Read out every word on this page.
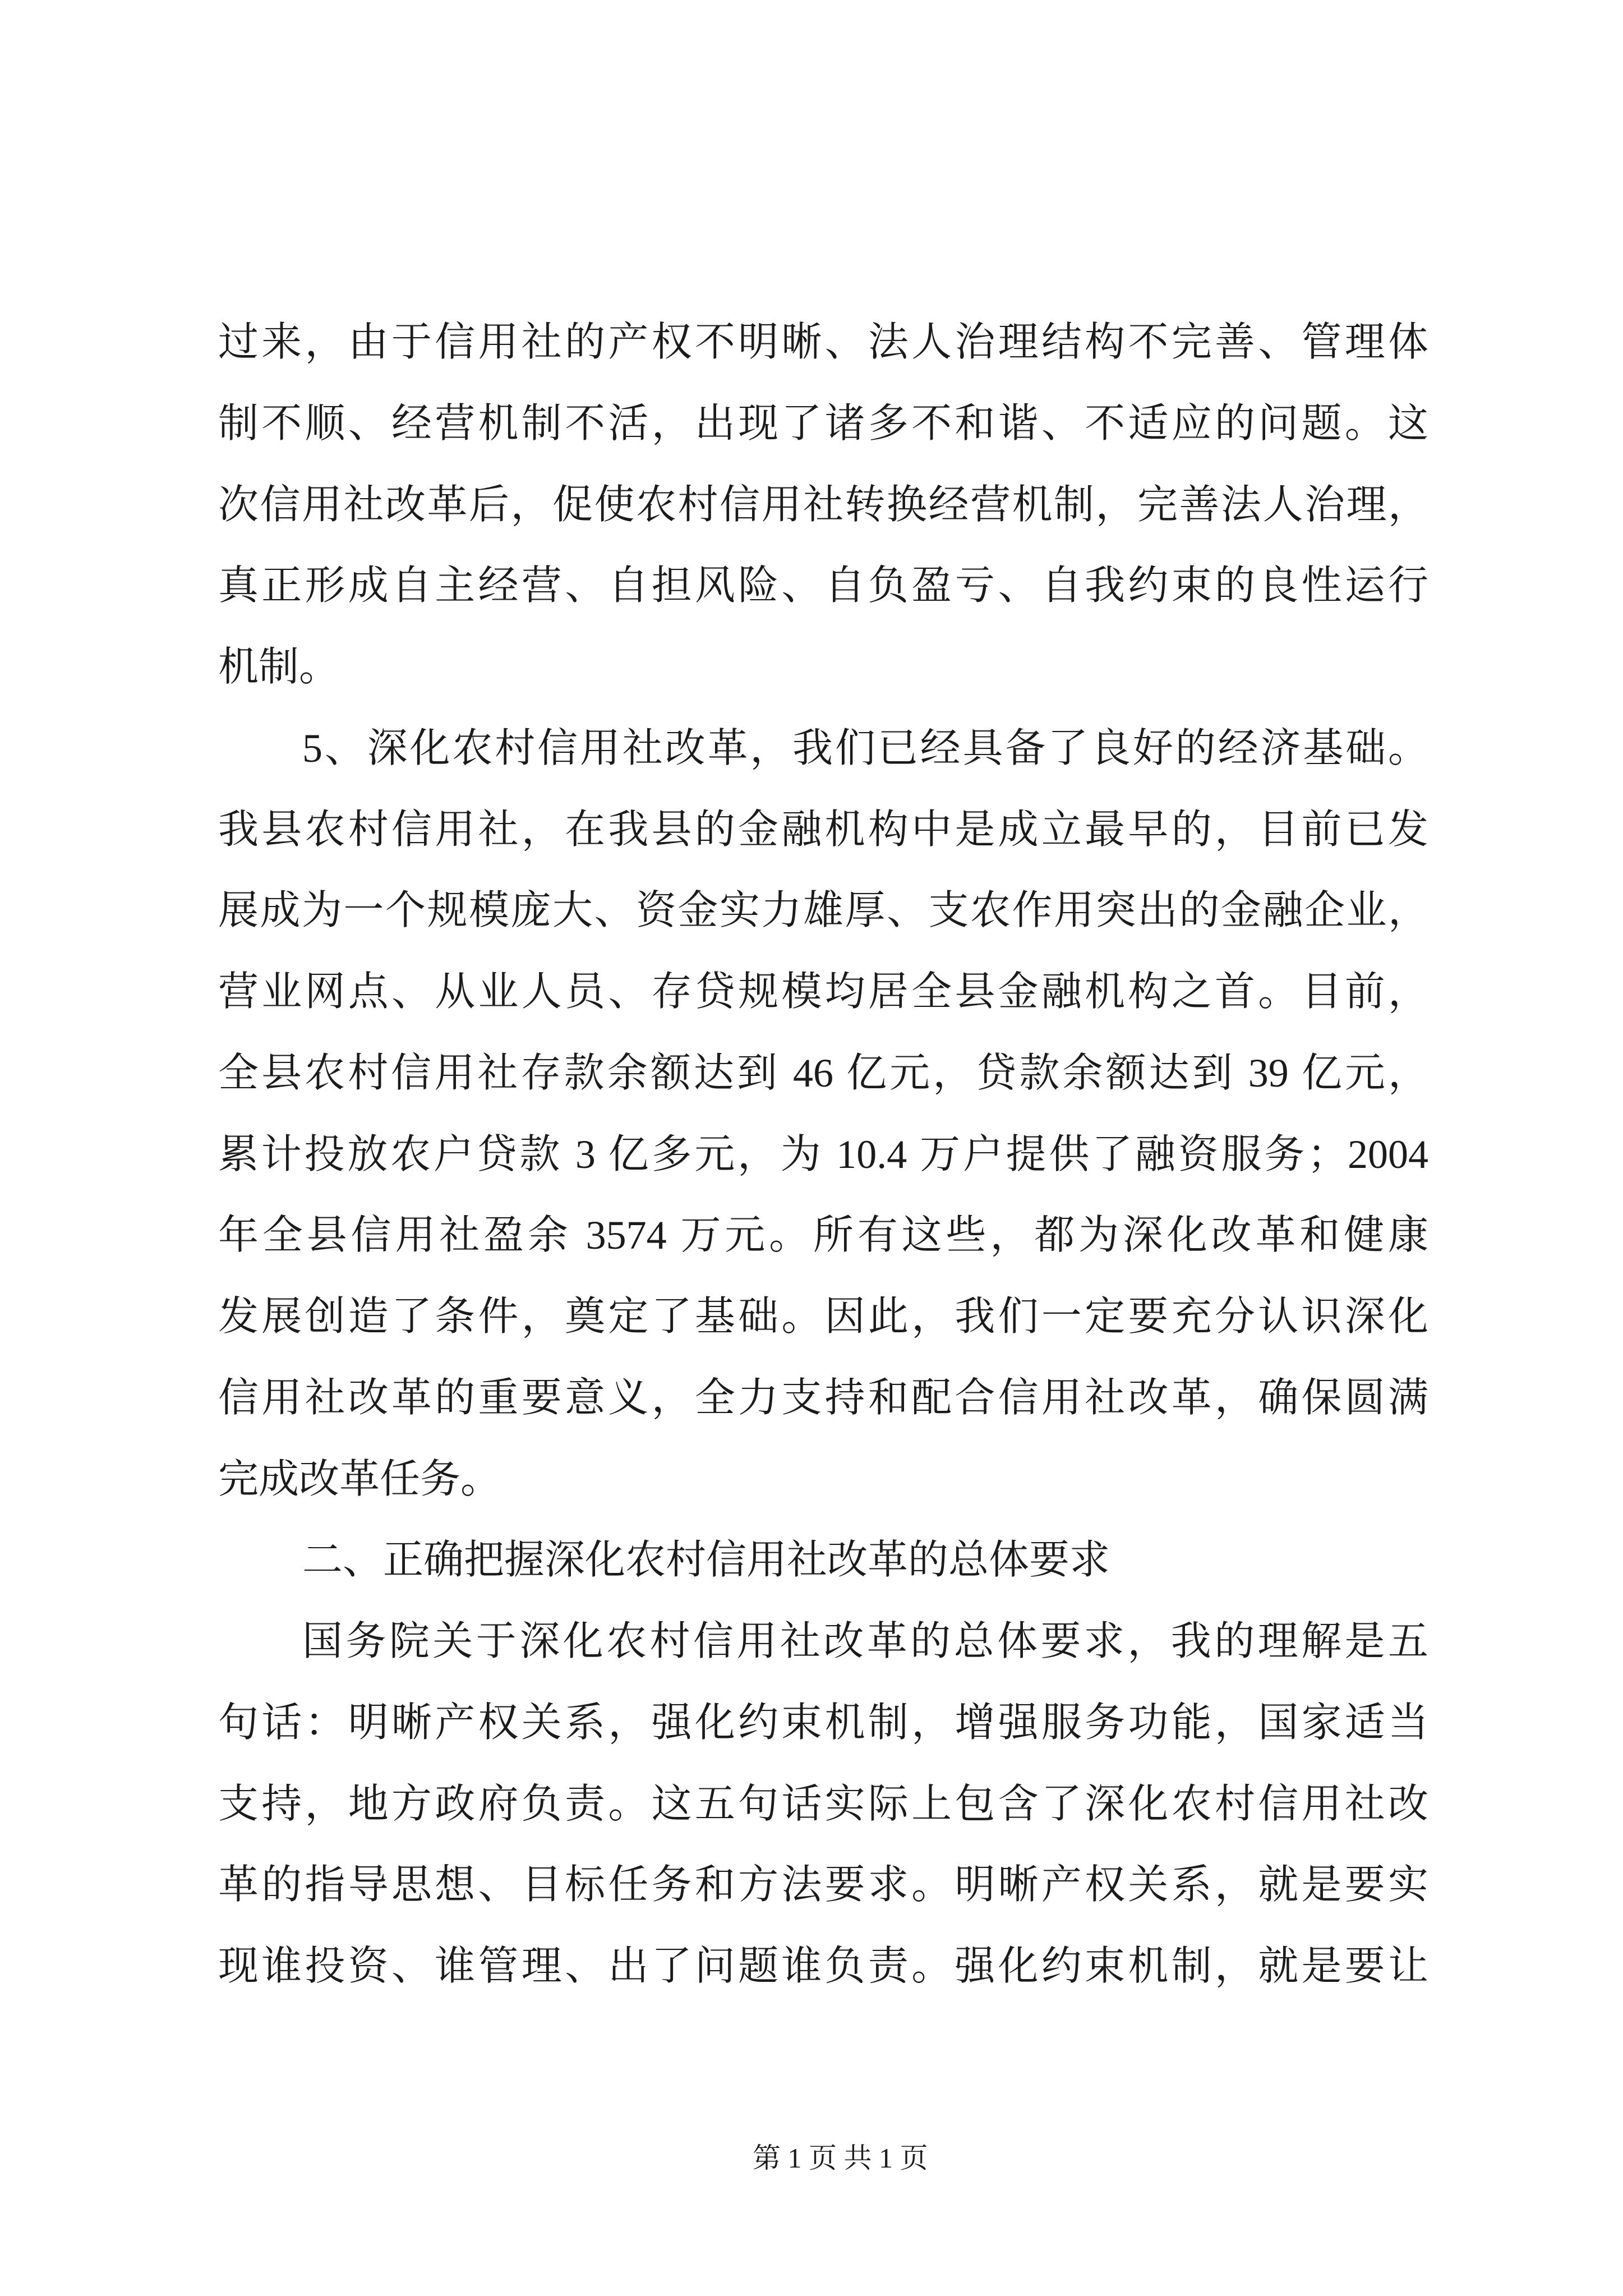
过来，由于信用社的产权不明晰、法人治理结构不完善、管理体
制不顺、经营机制不活，出现了诸多不和谐、不适应的问题。这
次信用社改革后，促使农村信用社转换经营机制，完善法人治理，
真正形成自主经营、自担风险、自负盈亏、自我约束的良性运行
机制。
5、深化农村信用社改革，我们已经具备了良好的经济基础。
我县农村信用社，在我县的金融机构中是成立最早的，目前已发
展成为一个规模庞大、资金实力雄厚、支农作用突出的金融企业，
营业网点、从业人员、存贷规模均居全县金融机构之首。目前，
全县农村信用社存款余额达到 46 亿元，贷款余额达到 39 亿元，
累计投放农户贷款 3 亿多元，为 10.4 万户提供了融资服务；2004
年全县信用社盈余 3574 万元。所有这些，都为深化改革和健康
发展创造了条件，奠定了基础。因此，我们一定要充分认识深化
信用社改革的重要意义，全力支持和配合信用社改革，确保圆满
完成改革任务。
二、正确把握深化农村信用社改革的总体要求
国务院关于深化农村信用社改革的总体要求，我的理解是五
句话：明晰产权关系，强化约束机制，增强服务功能，国家适当
支持，地方政府负责。这五句话实际上包含了深化农村信用社改
革的指导思想、目标任务和方法要求。明晰产权关系，就是要实
现谁投资、谁管理、出了问题谁负责。强化约束机制，就是要让
第 1 页 共 1 页
